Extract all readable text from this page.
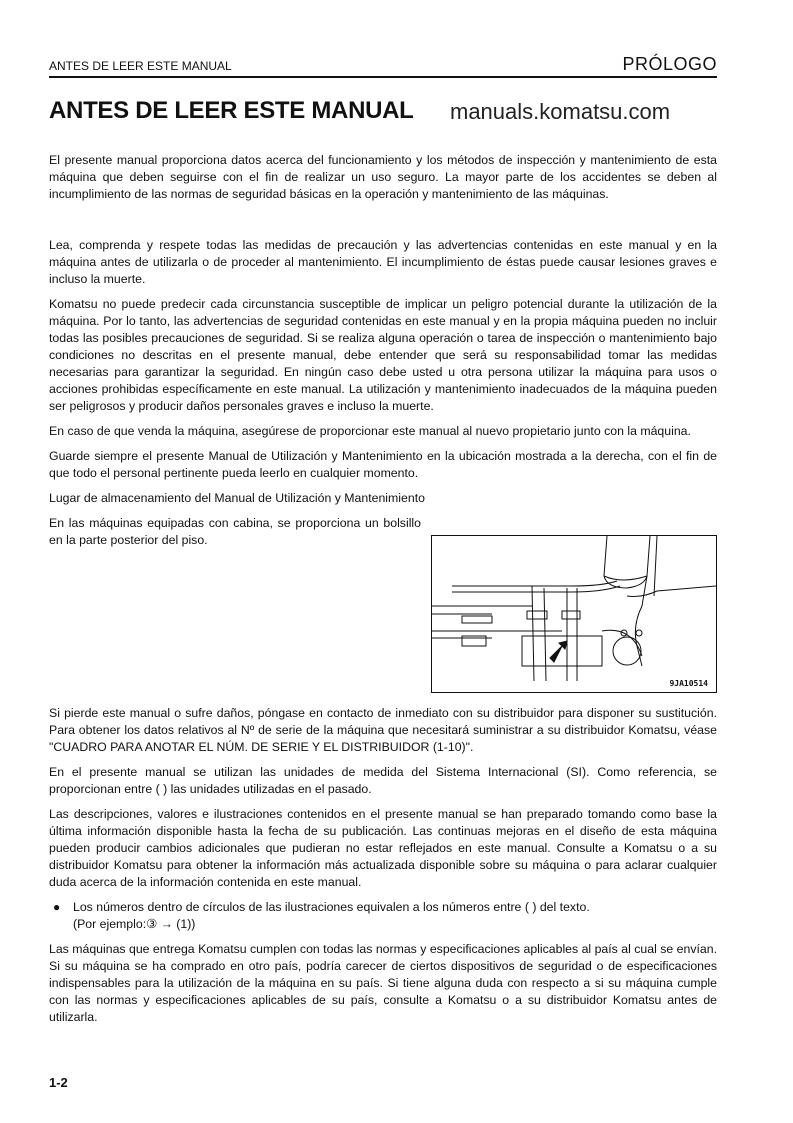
ANTES DE LEER ESTE MANUAL	PRÓLOGO
ANTES DE LEER ESTE MANUAL manuals.komatsu.com

El presente manual proporciona datos acerca del funcionamiento y los métodos de inspección y mantenimiento de esta máquina que deben seguirse con el fin de realizar un uso seguro. La mayor parte de los accidentes se deben al incumplimiento de las normas de seguridad básicas en la operación y mantenimiento de las máquinas.

Lea, comprenda y respete todas las medidas de precaución y las advertencias contenidas en este manual y en la máquina antes de utilizarla o de proceder al mantenimiento. El incumplimiento de éstas puede causar lesiones graves e incluso la muerte.

Komatsu no puede predecir cada circunstancia susceptible de implicar un peligro potencial durante la utilización de la máquina. Por lo tanto, las advertencias de seguridad contenidas en este manual y en la propia máquina pueden no incluir todas las posibles precauciones de seguridad. Si se realiza alguna operación o tarea de inspección o mantenimiento bajo condiciones no descritas en el presente manual, debe entender que será su responsabilidad tomar las medidas necesarias para garantizar la seguridad. En ningún caso debe usted u otra persona utilizar la máquina para usos o acciones prohibidas específicamente en este manual. La utilización y mantenimiento inadecuados de la máquina pueden ser peligrosos y producir daños personales graves e incluso la muerte.

En caso de que venda la máquina, asegúrese de proporcionar este manual al nuevo propietario junto con la máquina.

Guarde siempre el presente Manual de Utilización y Mantenimiento en la ubicación mostrada a la derecha, con el fin de que todo el personal pertinente pueda leerlo en cualquier momento.

Lugar de almacenamiento del Manual de Utilización y Mantenimiento

En las máquinas equipadas con cabina, se proporciona un bolsillo en la parte posterior del piso.

9JA10514

Si pierde este manual o sufre daños, póngase en contacto de inmediato con su distribuidor para disponer su sustitución. Para obtener los datos relativos al Nº de serie de la máquina que necesitará suministrar a su distribuidor Komatsu, véase "CUADRO PARA ANOTAR EL NÚM. DE SERIE Y EL DISTRIBUIDOR (1-10)".

En el presente manual se utilizan las unidades de medida del Sistema Internacional (SI). Como referencia, se proporcionan entre ( ) las unidades utilizadas en el pasado.

Las descripciones, valores e ilustraciones contenidos en el presente manual se han preparado tomando como base la última información disponible hasta la fecha de su publicación. Las continuas mejoras en el diseño de esta máquina pueden producir cambios adicionales que pudieran no estar reflejados en este manual. Consulte a Komatsu o a su distribuidor Komatsu para obtener la información más actualizada disponible sobre su máquina o para aclarar cualquier duda acerca de la información contenida en este manual.

●	Los números dentro de círculos de las ilustraciones equivalen a los números entre ( ) del texto.

(Por ejemplo:③ → (1))

Las máquinas que entrega Komatsu cumplen con todas las normas y especificaciones aplicables al país al cual se envían. Si su máquina se ha comprado en otro país, podría carecer de ciertos dispositivos de seguridad o de especificaciones indispensables para la utilización de la máquina en su país. Si tiene alguna duda con respecto a si su máquina cumple con las normas y especificaciones aplicables de su país, consulte a Komatsu o a su distribuidor Komatsu antes de utilizarla.

1-2
